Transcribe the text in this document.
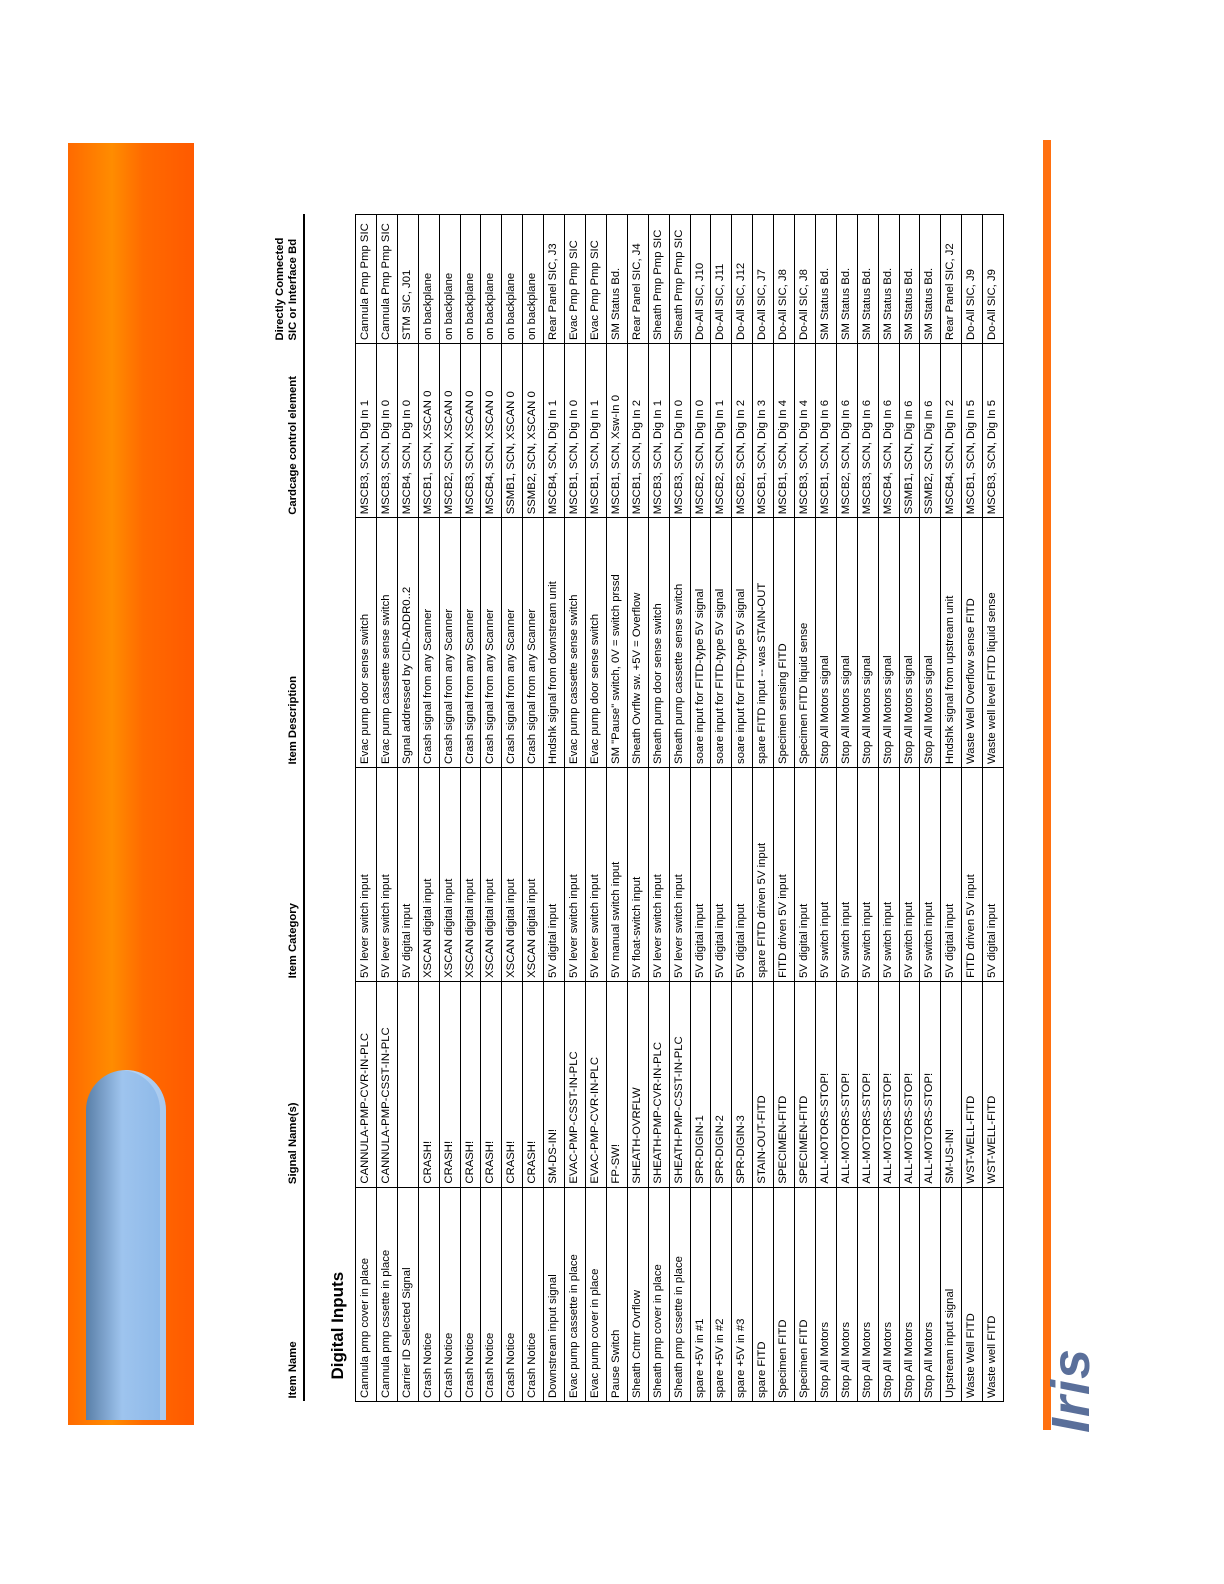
Iris
Item Name	Signal Name(s)	Item Category	Item Description	Cardcage control element	Directly Connected SIC or Interface Bd
Digital Inputs					
Cannula pmp cover in place	CANNULA-PMP-CVR-IN-PLC	5V lever switch input	Evac pump door sense switch	MSCB3, SCN, Dig In 1	Cannula Pmp Pmp SIC
Cannula pmp cssette in place	CANNULA-PMP-CSST-IN-PLC	5V lever switch input	Evac pump cassette sense switch	MSCB3, SCN, Dig In 0	Cannula Pmp Pmp SIC
Carrier ID Selected Signal		5V digital input	Sgnal addressed by CID-ADDR0..2	MSCB4, SCN, Dig In 0	STM SIC, J01
Crash Notice	CRASH!	XSCAN digital input	Crash signal from any Scanner	MSCB1, SCN, XSCAN 0	on backplane
Crash Notice	CRASH!	XSCAN digital input	Crash signal from any Scanner	MSCB2, SCN, XSCAN 0	on backplane
Crash Notice	CRASH!	XSCAN digital input	Crash signal from any Scanner	MSCB3, SCN, XSCAN 0	on backplane
Crash Notice	CRASH!	XSCAN digital input	Crash signal from any Scanner	MSCB4, SCN, XSCAN 0	on backplane
Crash Notice	CRASH!	XSCAN digital input	Crash signal from any Scanner	SSMB1, SCN, XSCAN 0	on backplane
Crash Notice	CRASH!	XSCAN digital input	Crash signal from any Scanner	SSMB2, SCN, XSCAN 0	on backplane
Downstream input signal	SM-DS-IN!	5V digital input	Hndshk signal from downstream unit	MSCB4, SCN, Dig In 1	Rear Panel SIC, J3
Evac pump cassette in place	EVAC-PMP-CSST-IN-PLC	5V lever switch input	Evac pump cassette sense switch	MSCB1, SCN, Dig In 0	Evac Pmp Pmp SIC
Evac pump cover in place	EVAC-PMP-CVR-IN-PLC	5V lever switch input	Evac pump door sense switch	MSCB1, SCN, Dig In 1	Evac Pmp Pmp SIC
Pause Switch	FP-SW!	5V manual switch input	SM "Pause" switch, 0V = switch prssd	MSCB1, SCN, Xsw-In 0	SM Status Bd.
Sheath Cntnr Ovrflow	SHEATH-OVRFLW	5V float-switch input	Sheath Ovrflw sw. +5V = Overflow	MSCB1, SCN, Dig In 2	Rear Panel SIC, J4
Sheath pmp cover in place	SHEATH-PMP-CVR-IN-PLC	5V lever switch input	Sheath pump door sense switch	MSCB3, SCN, Dig In 1	Sheath Pmp Pmp SIC
Sheath pmp cssette in place	SHEATH-PMP-CSST-IN-PLC	5V lever switch input	Sheath pump cassette sense switch	MSCB3, SCN, Dig In 0	Sheath Pmp Pmp SIC
spare +5V in #1	SPR-DIGIN-1	5V digital input	soare input for FITD-type 5V signal	MSCB2, SCN, Dig In 0	Do-All SIC, J10
spare +5V in #2	SPR-DIGIN-2	5V digital input	soare input for FITD-type 5V signal	MSCB2, SCN, Dig In 1	Do-All SIC, J11
spare +5V in #3	SPR-DIGIN-3	5V digital input	soare input for FITD-type 5V signal	MSCB2, SCN, Dig In 2	Do-All SIC, J12
spare FITD	STAIN-OUT-FITD	spare FITD driven 5V input	spare FITD input -- was STAIN-OUT	MSCB1, SCN, Dig In 3	Do-All SIC, J7
Specimen FITD	SPECIMEN-FITD	FITD driven 5V input	Specimen sensing FITD	MSCB1, SCN, Dig In 4	Do-All SIC, J8
Specimen FITD	SPECIMEN-FITD	5V digital input	Specimen FITD liquid sense	MSCB3, SCN, Dig In 4	Do-All SIC, J8
Stop All Motors	ALL-MOTORS-STOP!	5V switch input	Stop All Motors signal	MSCB1, SCN, Dig In 6	SM Status Bd.
Stop All Motors	ALL-MOTORS-STOP!	5V switch input	Stop All Motors signal	MSCB2, SCN, Dig In 6	SM Status Bd.
Stop All Motors	ALL-MOTORS-STOP!	5V switch input	Stop All Motors signal	MSCB3, SCN, Dig In 6	SM Status Bd.
Stop All Motors	ALL-MOTORS-STOP!	5V switch input	Stop All Motors signal	MSCB4, SCN, Dig In 6	SM Status Bd.
Stop All Motors	ALL-MOTORS-STOP!	5V switch input	Stop All Motors signal	SSMB1, SCN, Dig In 6	SM Status Bd.
Stop All Motors	ALL-MOTORS-STOP!	5V switch input	Stop All Motors signal	SSMB2, SCN, Dig In 6	SM Status Bd.
Upstream input signal	SM-US-IN!	5V digital input	Hndshk signal from upstream unit	MSCB4, SCN, Dig In 2	Rear Panel SIC, J2
Waste Well FITD	WST-WELL-FITD	FITD driven 5V input	Waste Well Overflow sense FITD	MSCB1, SCN, Dig In 5	Do-All SIC, J9
Waste well FITD	WST-WELL-FITD	5V digital input	Waste well level FITD liquid sense	MSCB3, SCN, Dig In 5	Do-All SIC, J9
